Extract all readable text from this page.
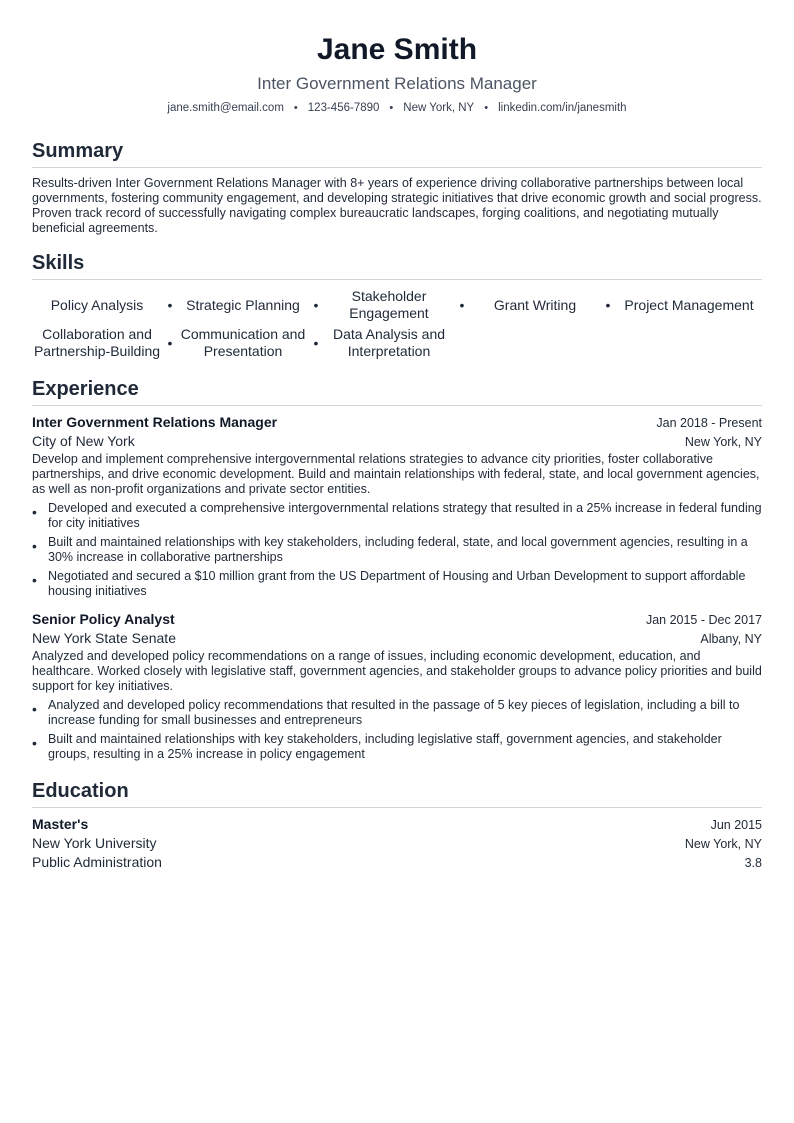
Jane Smith
Inter Government Relations Manager
jane.smith@email.com • 123-456-7890 • New York, NY • linkedin.com/in/janesmith
Summary
Results-driven Inter Government Relations Manager with 8+ years of experience driving collaborative partnerships between local governments, fostering community engagement, and developing strategic initiatives that drive economic growth and social progress. Proven track record of successfully navigating complex bureaucratic landscapes, forging coalitions, and negotiating mutually beneficial agreements.
Skills
Policy Analysis	• Strategic Planning •
Stakeholder Engagement	•	Grant Writing	• Project Management
Collaboration and Partnership-Building •
Communication and Presentation	•
Data Analysis and Interpretation
Experience
Inter Government Relations Manager	Jan 2018 - Present
City of New York	New York, NY
Develop and implement comprehensive intergovernmental relations strategies to advance city priorities, foster collaborative partnerships, and drive economic development. Build and maintain relationships with federal, state, and local government agencies, as well as non-profit organizations and private sector entities.
• Developed and executed a comprehensive intergovernmental relations strategy that resulted in a 25% increase in federal funding for city initiatives
• Built and maintained relationships with key stakeholders, including federal, state, and local government agencies, resulting in a 30% increase in collaborative partnerships
• Negotiated and secured a $10 million grant from the US Department of Housing and Urban Development to support affordable housing initiatives
Senior Policy Analyst	Jan 2015 - Dec 2017
New York State Senate	Albany, NY
Analyzed and developed policy recommendations on a range of issues, including economic development, education, and healthcare. Worked closely with legislative staff, government agencies, and stakeholder groups to advance policy priorities and build support for key initiatives.
• Analyzed and developed policy recommendations that resulted in the passage of 5 key pieces of legislation, including a bill to increase funding for small businesses and entrepreneurs
• Built and maintained relationships with key stakeholders, including legislative staff, government agencies, and stakeholder groups, resulting in a 25% increase in policy engagement
Education
Master's	Jun 2015
New York University	New York, NY
Public Administration	3.8
